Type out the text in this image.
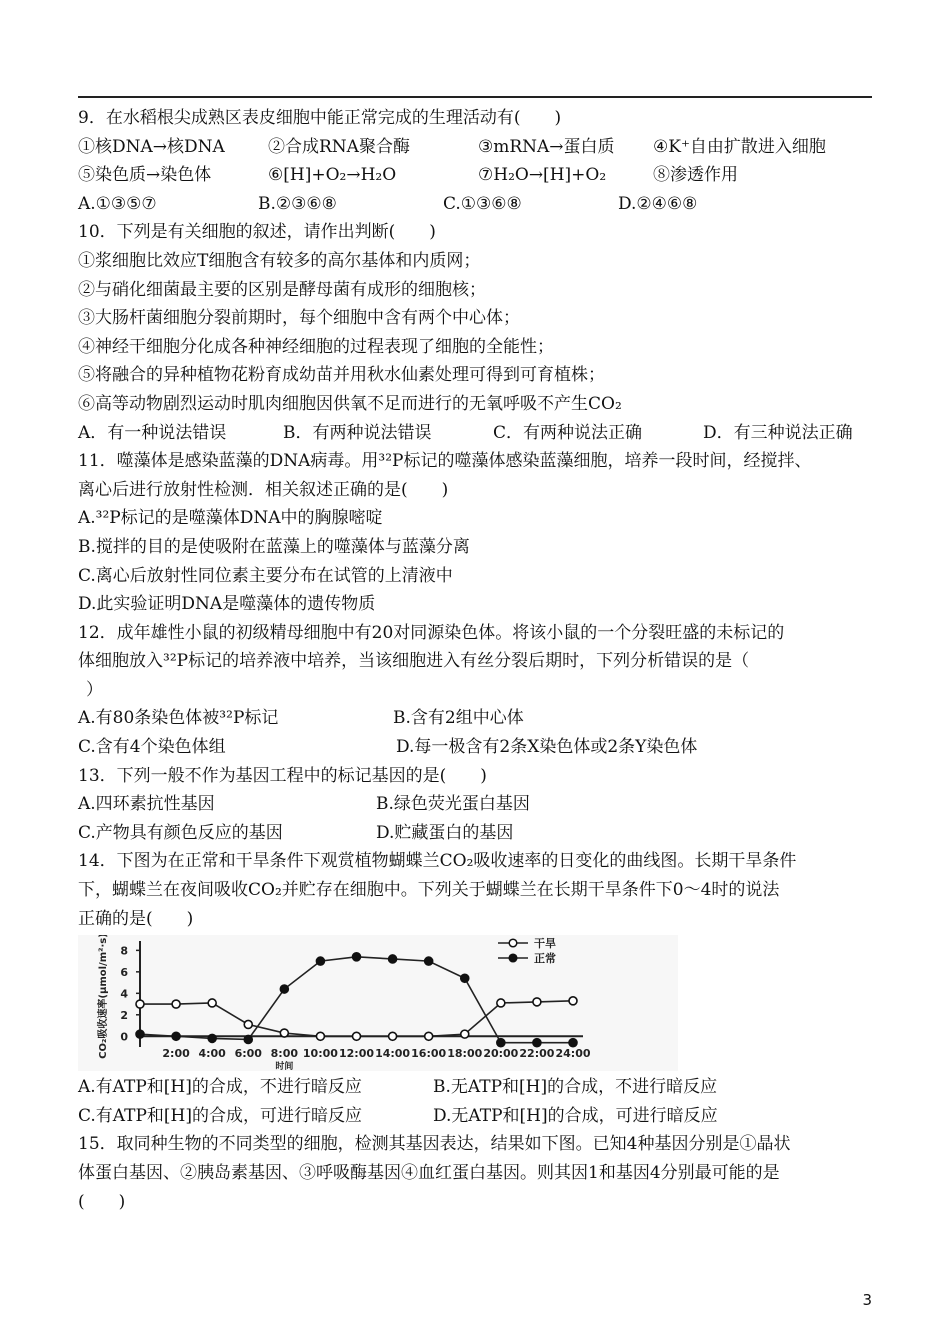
9．在水稻根尖成熟区表皮细胞中能正常完成的生理活动有(　　)
①核DNA→核DNA	②合成RNA聚合酶	③mRNA→蛋白质	④K⁺自由扩散进入细胞
⑤染色质→染色体	⑥[H]+O₂→H₂O	⑦H₂O→[H]+O₂	⑧渗透作用
A.①③⑤⑦	B.②③⑥⑧	C.①③⑥⑧	D.②④⑥⑧
10．下列是有关细胞的叙述，请作出判断(　　)
①浆细胞比效应T细胞含有较多的高尔基体和内质网；
②与硝化细菌最主要的区别是酵母菌有成形的细胞核；
③大肠杆菌细胞分裂前期时，每个细胞中含有两个中心体；
④神经干细胞分化成各种神经细胞的过程表现了细胞的全能性；
⑤将融合的异种植物花粉育成幼苗并用秋水仙素处理可得到可育植株；
⑥高等动物剧烈运动时肌肉细胞因供氧不足而进行的无氧呼吸不产生CO₂
A．有一种说法错误	B．有两种说法错误	C．有两种说法正确	D．有三种说法正确
11．噬藻体是感染蓝藻的DNA病毒。用³²P标记的噬藻体感染蓝藻细胞，培养一段时间，经搅拌、
离心后进行放射性检测．相关叙述正确的是(　　)
A.³²P标记的是噬藻体DNA中的胸腺嘧啶
B.搅拌的目的是使吸附在蓝藻上的噬藻体与蓝藻分离
C.离心后放射性同位素主要分布在试管的上清液中
D.此实验证明DNA是噬藻体的遗传物质
12．成年雄性小鼠的初级精母细胞中有20对同源染色体。将该小鼠的一个分裂旺盛的未标记的
体细胞放入³²P标记的培养液中培养，当该细胞进入有丝分裂后期时，下列分析错误的是（
）
A.有80条染色体被³²P标记	B.含有2组中心体
C.含有4个染色体组	D.每一极含有2条X染色体或2条Y染色体
13．下列一般不作为基因工程中的标记基因的是(　　)
A.四环素抗性基因	B.绿色荧光蛋白基因
C.产物具有颜色反应的基因	D.贮藏蛋白的基因
14．下图为在正常和干旱条件下观赏植物蝴蝶兰CO₂吸收速率的日变化的曲线图。长期干旱条件
下，蝴蝶兰在夜间吸收CO₂并贮存在细胞中。下列关于蝴蝶兰在长期干旱条件下0～4时的说法
正确的是(　　)
8
6
4
2
0
CO₂吸收速率(μmol/m²·s)	2:00 4:00 6:00 8:00 10:00 12:00 14:00 16:00 18:00 20:00 22:00 24:00
时间
干旱
正常
A.有ATP和[H]的合成，不进行暗反应	B.无ATP和[H]的合成，不进行暗反应
C.有ATP和[H]的合成，可进行暗反应	D.无ATP和[H]的合成，可进行暗反应
15．取同种生物的不同类型的细胞，检测其基因表达，结果如下图。已知4种基因分别是①晶状
体蛋白基因、②胰岛素基因、③呼吸酶基因④血红蛋白基因。则其因1和基因4分别最可能的是
(　　)
3
